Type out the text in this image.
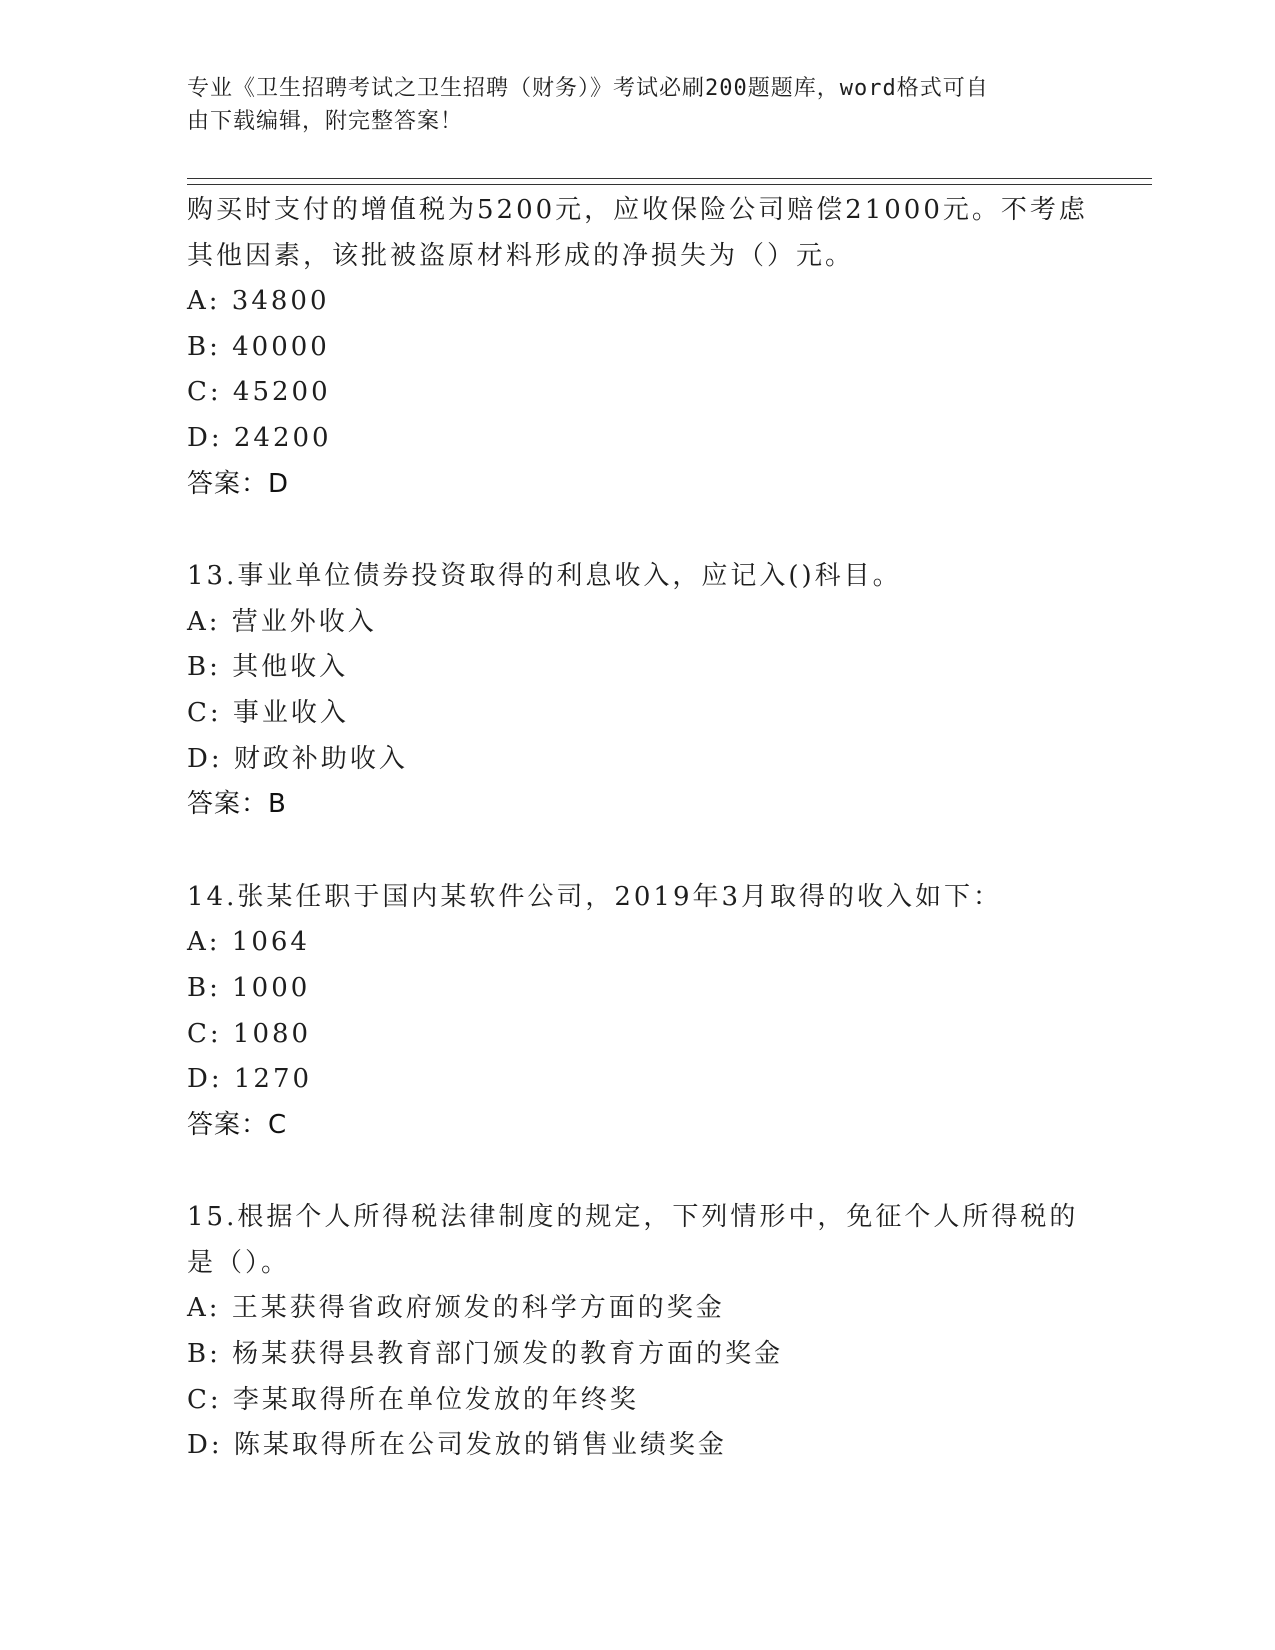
专业《卫生招聘考试之卫生招聘（财务）》考试必刷200题题库，word格式可自
由下载编辑，附完整答案！
购买时支付的增值税为5200元，应收保险公司赔偿21000元。不考虑
其他因素，该批被盗原材料形成的净损失为（）元。
A: 34800
B: 40000
C: 45200
D: 24200
答案：D
13.事业单位债券投资取得的利息收入，应记入()科目。
A: 营业外收入
B: 其他收入
C: 事业收入
D: 财政补助收入
答案：B
14.张某任职于国内某软件公司，2019年3月取得的收入如下：
A: 1064
B: 1000
C: 1080
D: 1270
答案：C
15.根据个人所得税法律制度的规定，下列情形中，免征个人所得税的
是（）。
A: 王某获得省政府颁发的科学方面的奖金
B: 杨某获得县教育部门颁发的教育方面的奖金
C: 李某取得所在单位发放的年终奖
D: 陈某取得所在公司发放的销售业绩奖金
